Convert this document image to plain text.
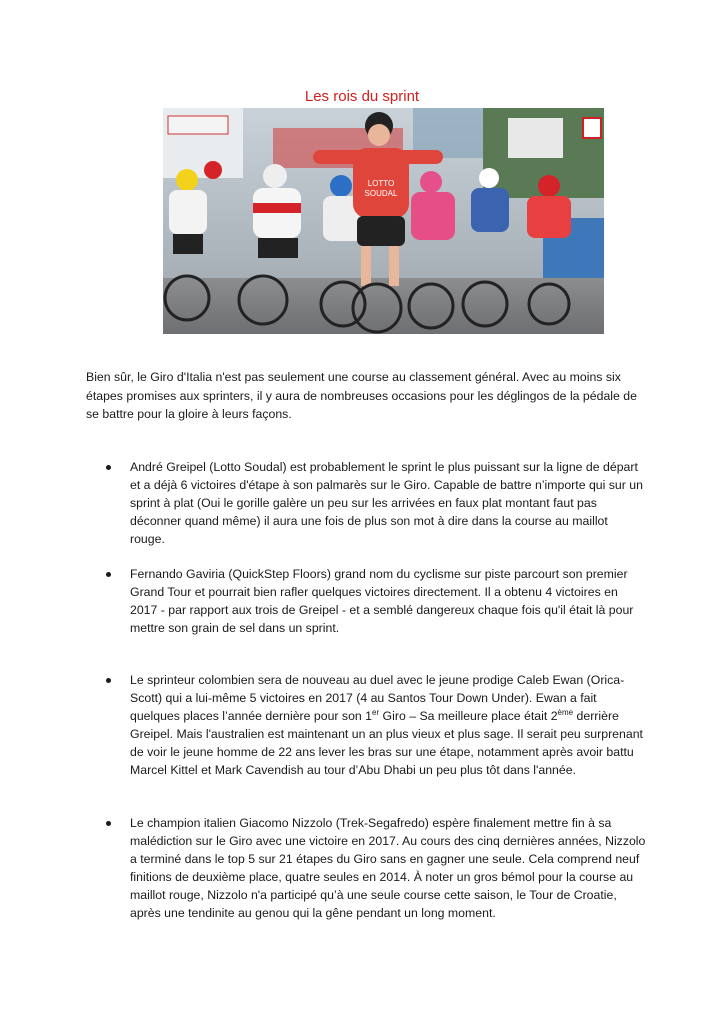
Les rois du sprint
LOTTO
SOUDAL

Bien sûr, le Giro d'Italia n'est pas seulement une course au classement général. Avec au moins six étapes promises aux sprinters, il y aura de nombreuses occasions pour les déglingos de la pédale de se battre pour la gloire à leurs façons.

André Greipel (Lotto Soudal) est probablement le sprint le plus puissant sur la ligne de départ et a déjà 6 victoires d'étape à son palmarès sur le Giro. Capable de battre n’importe qui sur un sprint à plat (Oui le gorille galère un peu sur les arrivées en faux plat montant faut pas déconner quand même) il aura une fois de plus son mot à dire dans la course au maillot rouge.

Fernando Gaviria (QuickStep Floors) grand nom du cyclisme sur piste parcourt son premier Grand Tour et pourrait bien rafler quelques victoires directement. Il a obtenu 4 victoires en 2017 - par rapport aux trois de Greipel - et a semblé dangereux chaque fois qu'il était là pour mettre son grain de sel dans un sprint.

Le sprinteur colombien sera de nouveau au duel avec le jeune prodige Caleb Ewan (Orica-Scott) qui a lui-même 5 victoires en 2017 (4 au Santos Tour Down Under). Ewan a fait quelques places l’année dernière pour son 1er Giro – Sa meilleure place était 2ème derrière Greipel. Mais l'australien est maintenant un an plus vieux et plus sage. Il serait peu surprenant de voir le jeune homme de 22 ans lever les bras sur une étape, notamment après avoir battu Marcel Kittel et Mark Cavendish au tour d’Abu Dhabi un peu plus tôt dans l'année.

Le champion italien Giacomo Nizzolo (Trek-Segafredo) espère finalement mettre fin à sa malédiction sur le Giro avec une victoire en 2017. Au cours des cinq dernières années, Nizzolo a terminé dans le top 5 sur 21 étapes du Giro sans en gagner une seule. Cela comprend neuf finitions de deuxième place, quatre seules en 2014. À noter un gros bémol pour la course au maillot rouge, Nizzolo n'a participé qu’à une seule course cette saison, le Tour de Croatie, après une tendinite au genou qui la gêne pendant un long moment.
